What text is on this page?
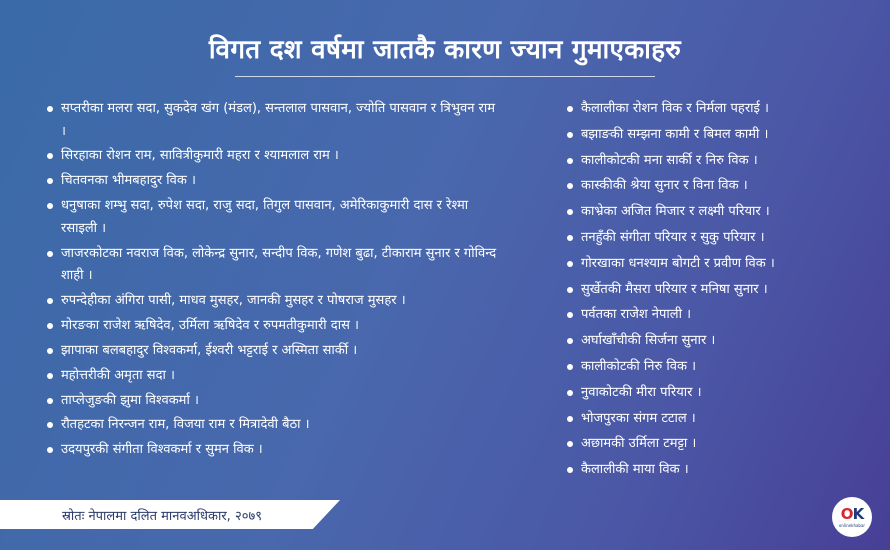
विगत दश वर्षमा जातकै कारण ज्यान गुमाएकाहरु
सप्तरीका मलरा सदा, सुकदेव खंग (मंडल), सन्तलाल पासवान, ज्योति पासवान र त्रिभुवन राम ।
सिरहाका रोशन राम, सावित्रीकुमारी महरा र श्यामलाल राम ।
चितवनका भीमबहादुर विक ।
धनुषाका शम्भु सदा, रुपेश सदा, राजु सदा, तिगुल पासवान, अमेरिकाकुमारी दास र रेश्मा रसाइली ।
जाजरकोटका नवराज विक, लोकेन्द्र सुनार, सन्दीप विक, गणेश बुढा, टीकाराम सुनार र गोविन्द शाही ।
रुपन्देहीका अंगिरा पासी, माधव मुसहर, जानकी मुसहर र पोषराज मुसहर ।
मोरङका राजेश ऋषिदेव, उर्मिला ऋषिदेव र रुपमतीकुमारी दास ।
झापाका बलबहादुर विश्वकर्मा, ईश्वरी भट्टराई र अस्मिता सार्की ।
महोत्तरीकी अमृता सदा ।
ताप्लेजुङकी झुमा विश्वकर्मा ।
रौतहटका निरन्जन राम, विजया राम र मित्रादेवी बैठा ।
उदयपुरकी संगीता विश्वकर्मा र सुमन विक ।
कैलालीका रोशन विक र निर्मला पहराई ।
बझाङकी सम्झना कामी र बिमल कामी ।
कालीकोटकी मना सार्की र निरु विक ।
कास्कीकी श्रेया सुनार र विना विक ।
काभ्रेका अजित मिजार र लक्ष्मी परियार ।
तनहुँकी संगीता परियार र सुकु परियार ।
गोरखाका धनश्याम बोगटी र प्रवीण विक ।
सुर्खेतकी मैसरा परियार र मनिषा सुनार ।
पर्वतका राजेश नेपाली ।
अर्घाखाँचीकी सिर्जना सुनार ।
कालीकोटकी निरु विक ।
नुवाकोटकी मीरा परियार ।
भोजपुरका संगम टटाल ।
अछामकी उर्मिला टमट्टा ।
कैलालीकी माया विक ।
स्रोतः नेपालमा दलित मानवअधिकार, २०७९	OK
onlinekhabar
